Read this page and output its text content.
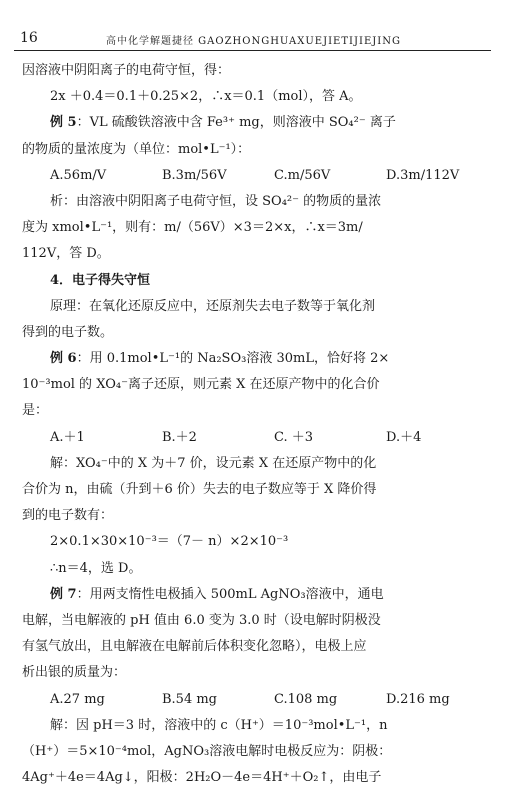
16	高中化学解题捷径 GAOZHONGHUAXUEJIETIJIEJING
因溶液中阴阳离子的电荷守恒，得：
2x ＋0.4＝0.1＋0.25×2，∴x＝0.1（mol），答 A。
例 5：VL 硫酸铁溶液中含 Fe³⁺ mg，则溶液中 SO₄²⁻ 离子
的物质的量浓度为（单位：mol•L⁻¹）：
A.56m/V	B.3m/56V	C.m/56V	D.3m/112V
析：由溶液中阴阳离子电荷守恒，设 SO₄²⁻ 的物质的量浓
度为 xmol•L⁻¹，则有：m/（56V）×3＝2×x，∴x＝3m/
112V，答 D。
4．电子得失守恒
原理：在氧化还原反应中，还原剂失去电子数等于氧化剂
得到的电子数。
例 6：用 0.1mol•L⁻¹的 Na₂SO₃溶液 30mL，恰好将 2×
10⁻³mol 的 XO₄⁻离子还原，则元素 X 在还原产物中的化合价
是：
A.＋1	B.＋2	C. ＋3	D.＋4
解：XO₄⁻中的 X 为＋7 价，设元素 X 在还原产物中的化
合价为 n，由硫（升到＋6 价）失去的电子数应等于 X 降价得
到的电子数有：
2×0.1×30×10⁻³＝（7－ n）×2×10⁻³
∴n＝4，选 D。
例 7：用两支惰性电极插入 500mL AgNO₃溶液中，通电
电解，当电解液的 pH 值由 6.0 变为 3.0 时（设电解时阴极没
有氢气放出，且电解液在电解前后体积变化忽略），电极上应
析出银的质量为：
A.27 mg	B.54 mg	C.108 mg	D.216 mg
解：因 pH＝3 时，溶液中的 c（H⁺）＝10⁻³mol•L⁻¹，n
（H⁺）＝5×10⁻⁴mol，AgNO₃溶液电解时电极反应为：阴极：
4Ag⁺＋4e＝4Ag↓，阳极：2H₂O－4e＝4H⁺＋O₂↑，由电子
